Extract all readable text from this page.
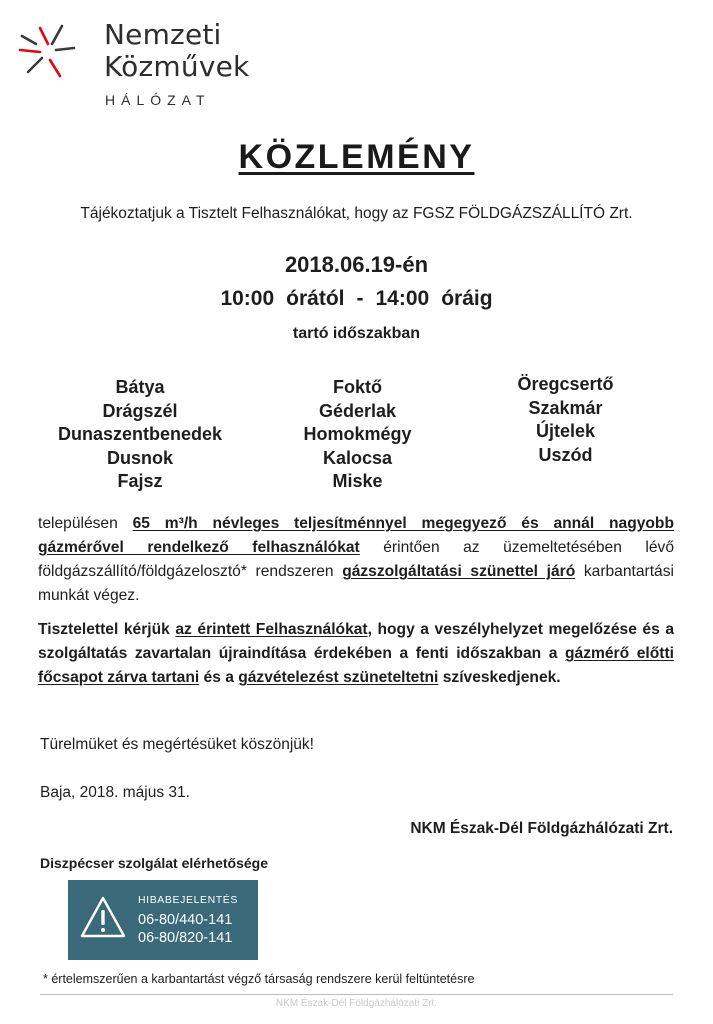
Nemzeti
Közművek
HÁLÓZAT
KÖZLEMÉNY
Tájékoztatjuk a Tisztelt Felhasználókat, hogy az FGSZ FÖLDGÁZSZÁLLÍTÓ Zrt.
2018.06.19-én
10:00 órától - 14:00 óráig
tartó időszakban
Bátya
Drágszél
Dunaszentbenedek
Dusnok
Fajsz
Foktő
Géderlak
Homokmégy
Kalocsa
Miske
Öregcsertő
Szakmár
Újtelek
Uszód
településen 65 m³/h névleges teljesítménnyel megegyező és annál nagyobb gázmérővel rendelkező felhasználókat érintően az üzemeltetésében lévő földgázszállító/földgázelosztó* rendszeren gázszolgáltatási szünettel járó karbantartási munkát végez.
Tisztelettel kérjük az érintett Felhasználókat, hogy a veszélyhelyzet megelőzése és a szolgáltatás zavartalan újraindítása érdekében a fenti időszakban a gázmérő előtti főcsapot zárva tartani és a gázvételezést szüneteltetni szíveskedjenek.
Türelmüket és megértésüket köszönjük!
Baja, 2018. május 31.
NKM Észak-Dél Földgázhálózati Zrt.
Diszpécser szolgálat elérhetősége
HIBABEJELENTÉS
06-80/440-141
06-80/820-141
* értelemszerűen a karbantartást végző társaság rendszere kerül feltüntetésre
NKM Észak-Dél Földgázhálózati Zrt.
